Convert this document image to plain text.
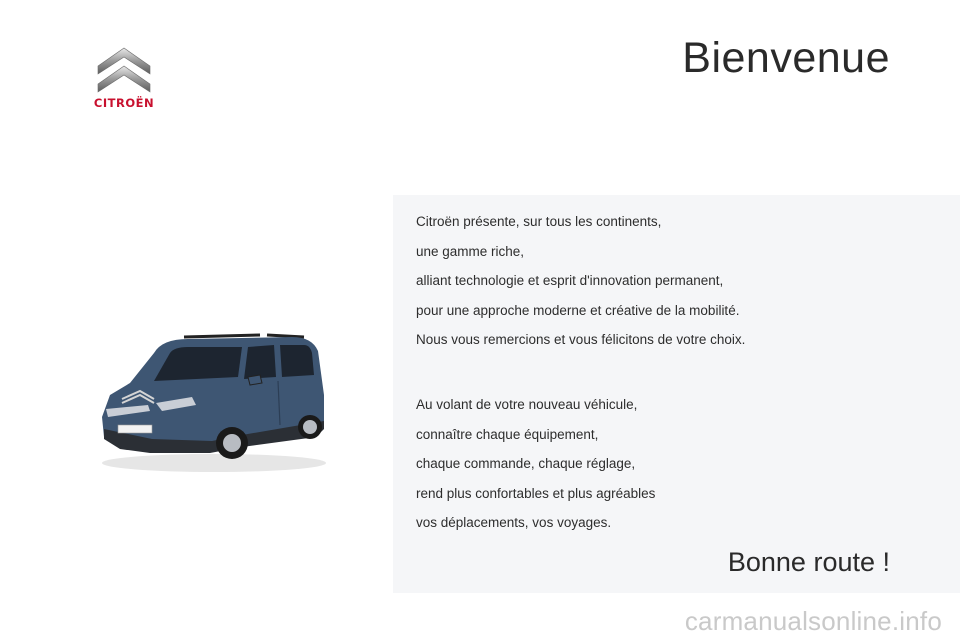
CITROËN
Bienvenue

Citroën présente, sur tous les continents,

une gamme riche,

alliant technologie et esprit d'innovation permanent,

pour une approche moderne et créative de la mobilité.

Nous vous remercions et vous félicitons de votre choix.

Au volant de votre nouveau véhicule,

connaître chaque équipement,

chaque commande, chaque réglage,

rend plus confortables et plus agréables

vos déplacements, vos voyages.

Bonne route !
carmanualsonline.info
